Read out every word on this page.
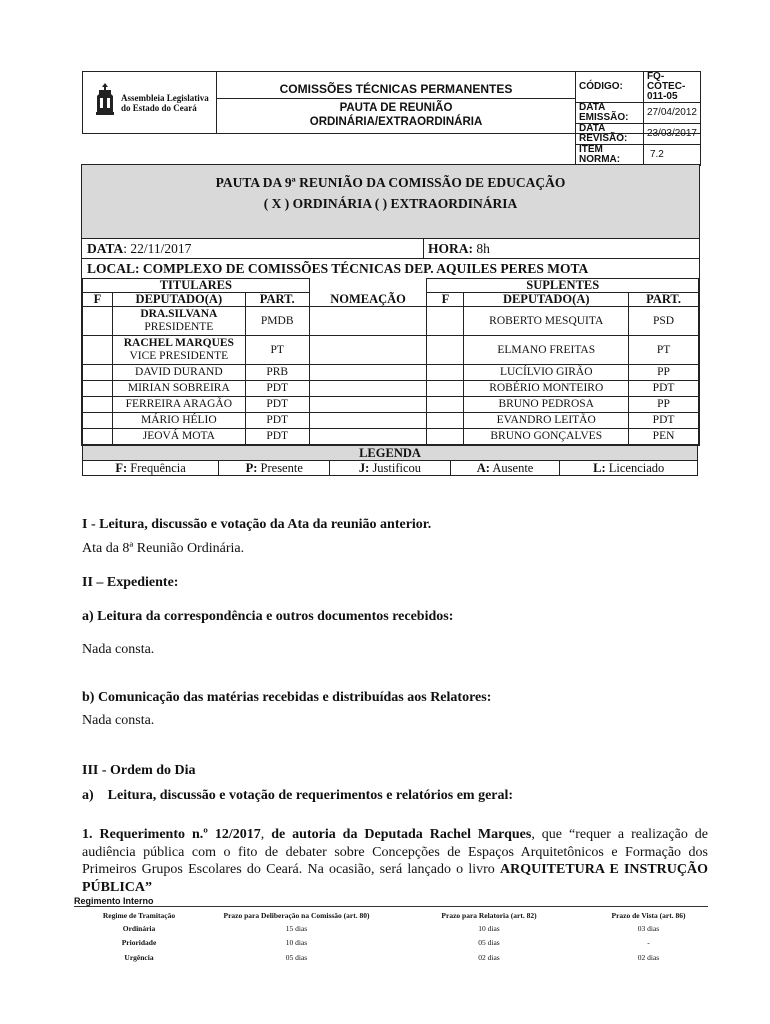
Assembleia Legislativa
do Estado do Ceará
COMISSÕES TÉCNICAS PERMANENTES
PAUTA DE REUNIÃO
ORDINÁRIA/EXTRAORDINÁRIA
CÓDIGO:	FQ-COTEC-011-05
DATA EMISSÃO:	27/04/2012
DATA REVISÃO:	23/03/2017
ITEM NORMA:	7.2
PAUTA DA 9ª REUNIÃO DA COMISSÃO DE EDUCAÇÃO
( X ) ORDINÁRIA ( ) EXTRAORDINÁRIA
DATA: 22/11/2017	HORA: 8h
LOCAL: COMPLEXO DE COMISSÕES TÉCNICAS DEP. AQUILES PERES MOTA
TITULARES				SUPLENTES		
F	DEPUTADO(A)	PART.	NOMEAÇÃO	F	DEPUTADO(A)	PART.

	DRA.SILVANA
PRESIDENTE	PMDB			ROBERTO MESQUITA	PSD

	RACHEL MARQUES
VICE PRESIDENTE	PT			ELMANO FREITAS	PT

	DAVID DURAND	PRB			LUCÍLVIO GIRÃO	PP

	MIRIAN SOBREIRA	PDT			ROBÉRIO MONTEIRO	PDT

	FERREIRA ARAGÃO	PDT			BRUNO PEDROSA	PP

	MÁRIO HÉLIO	PDT			EVANDRO LEITÃO	PDT

	JEOVÁ MOTA	PDT			BRUNO GONÇALVES	PEN
LEGENDA
F: Frequência	P: Presente	J: Justificou	A: Ausente	L: Licenciado
I - Leitura, discussão e votação da Ata da reunião anterior.
Ata da 8ª Reunião Ordinária.
II – Expediente:
a) Leitura da correspondência e outros documentos recebidos:
Nada consta.
b) Comunicação das matérias recebidas e distribuídas aos Relatores:
Nada consta.
III - Ordem do Dia
a)    Leitura, discussão e votação de requerimentos e relatórios em geral:
1. Requerimento n.º 12/2017, de autoria da Deputada Rachel Marques, que “requer a realização de audiência pública com o fito de debater sobre Concepções de Espaços Arquitetônicos e Formação dos Primeiros Grupos Escolares do Ceará. Na ocasião, será lançado o livro ARQUITETURA E INSTRUÇÃO PÚBLICA”
Regimento Interno
Regime de Tramitação	Prazo para Deliberação na Comissão (art. 80)	Prazo para Relatoria (art. 82)	Prazo de Vista (art. 86)
Ordinária	15 dias	10 dias	03 dias
Prioridade	10 dias	05 dias	-
Urgência	05 dias	02 dias	02 dias
